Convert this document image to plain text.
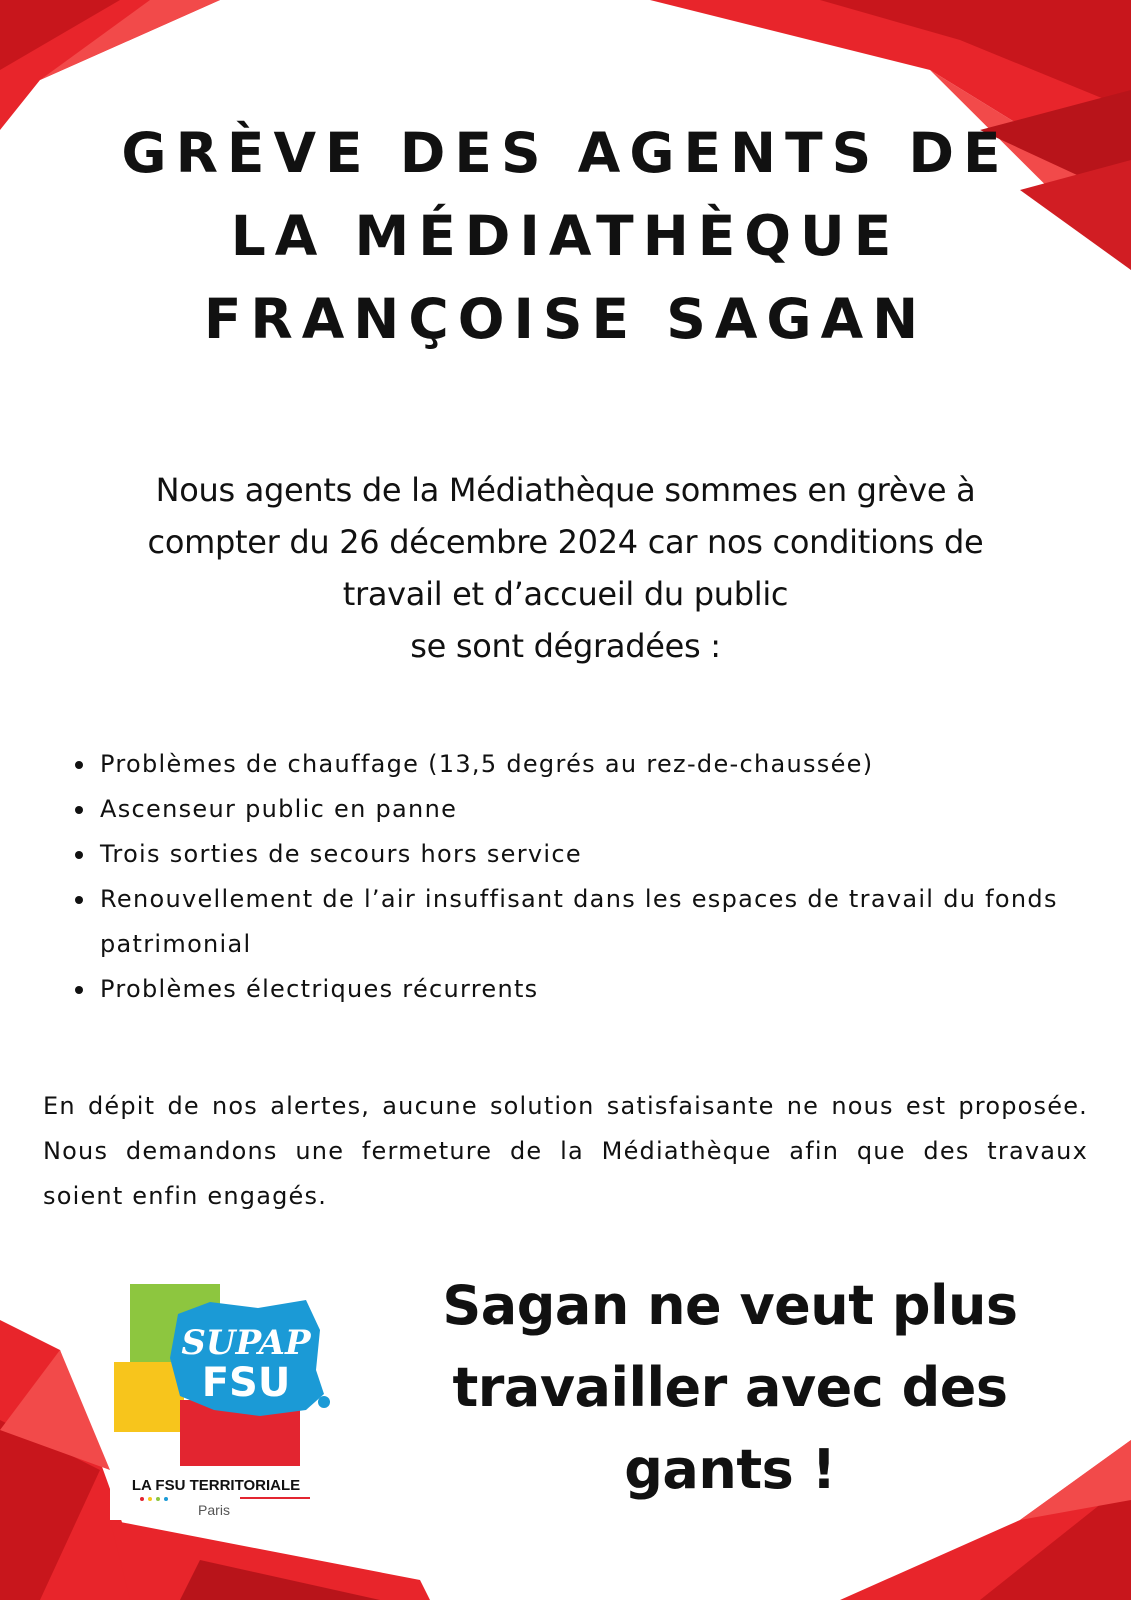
GRÈVE DES AGENTS DE
LA MÉDIATHÈQUE
FRANÇOISE SAGAN

Nous agents de la Médiathèque sommes en grève à
compter du 26 décembre 2024 car nos conditions de
travail et d’accueil du public
se sont dégradées :

Problèmes de chauffage (13,5 degrés au rez-de-chaussée)
Ascenseur public en panne
Trois sorties de secours hors service
Renouvellement de l’air insuffisant dans les espaces de travail du fonds patrimonial
Problèmes électriques récurrents

En dépit de nos alertes, aucune solution satisfaisante ne nous est proposée. Nous demandons une fermeture de la Médiathèque afin que des travaux soient enfin engagés.

SUPAP
FSU
LA FSU TERRITORIALE
Paris
Sagan ne veut plus
travailler avec des
gants !
